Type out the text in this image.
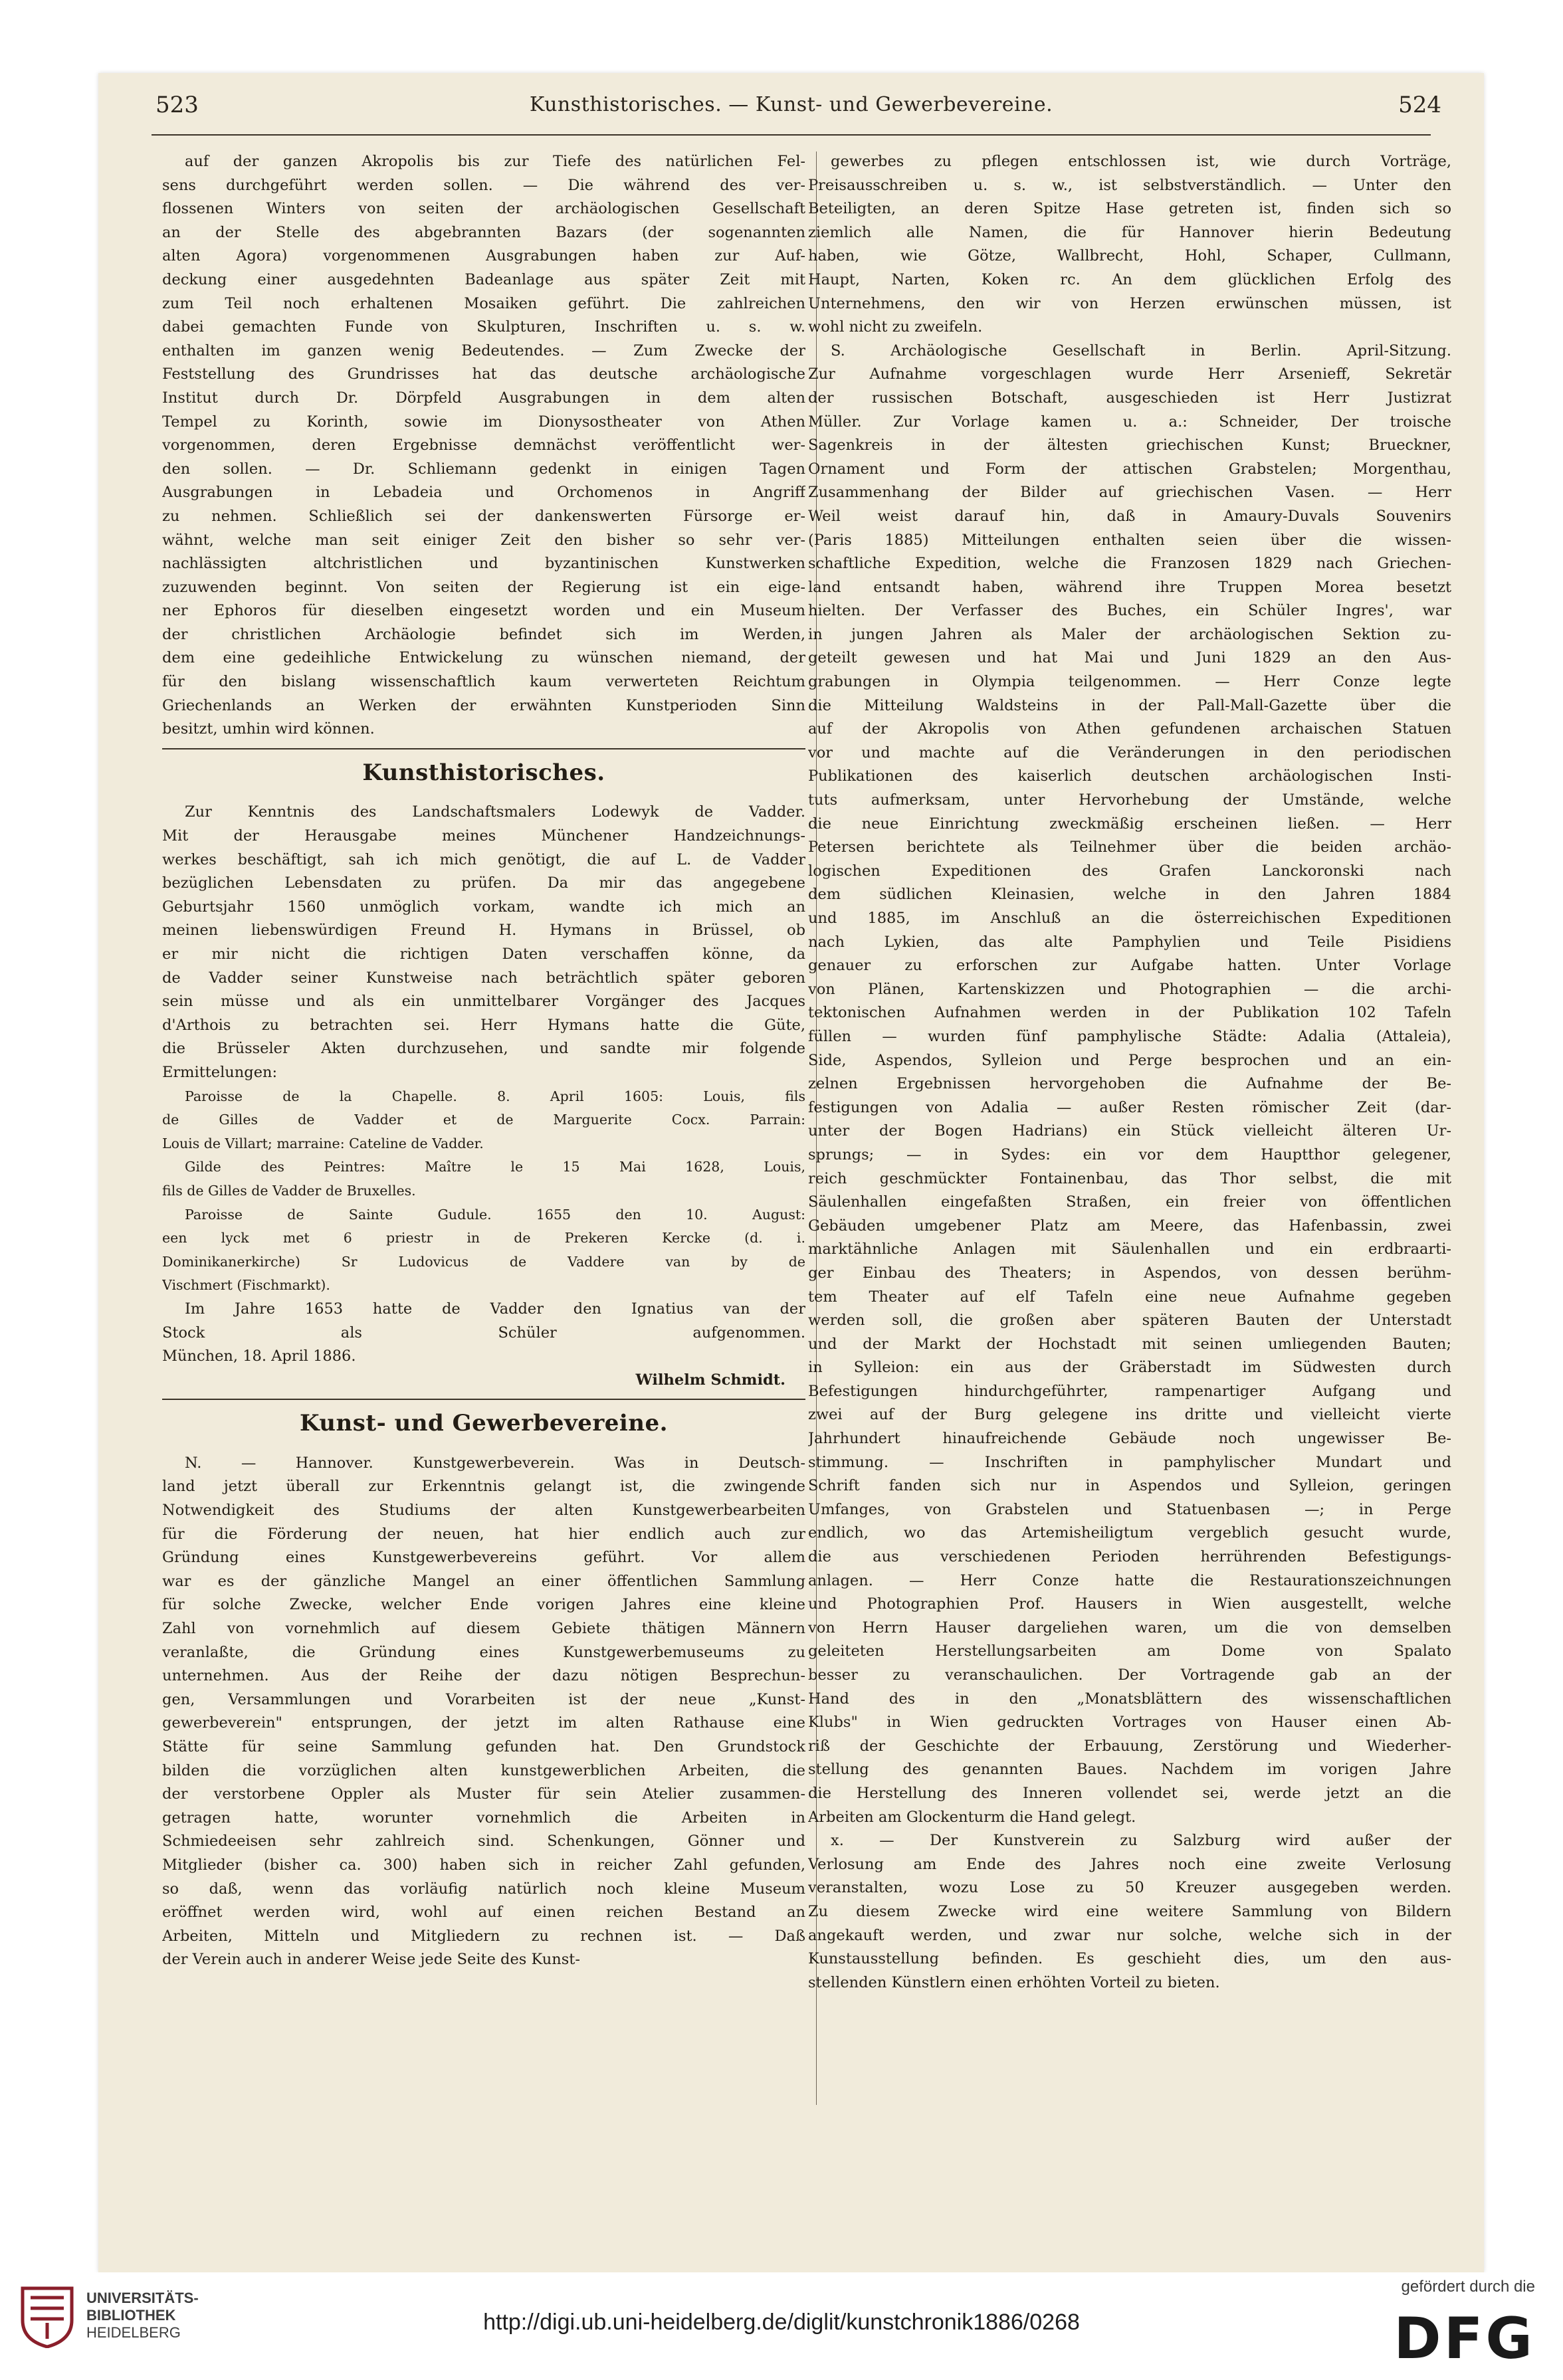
523	Kunsthistorisches. — Kunst- und Gewerbevereine.	524
auf der ganzen Akropolis bis zur Tiefe des natürlichen Fel-
sens durchgeführt werden sollen. — Die während des ver-
flossenen Winters von seiten der archäologischen Gesellschaft
an der Stelle des abgebrannten Bazars (der sogenannten
alten Agora) vorgenommenen Ausgrabungen haben zur Auf-
deckung einer ausgedehnten Badeanlage aus später Zeit mit
zum Teil noch erhaltenen Mosaiken geführt. Die zahlreichen
dabei gemachten Funde von Skulpturen, Inschriften u. s. w.
enthalten im ganzen wenig Bedeutendes. — Zum Zwecke der
Feststellung des Grundrisses hat das deutsche archäologische
Institut durch Dr. Dörpfeld Ausgrabungen in dem alten
Tempel zu Korinth, sowie im Dionysostheater von Athen
vorgenommen, deren Ergebnisse demnächst veröffentlicht wer-
den sollen. — Dr. Schliemann gedenkt in einigen Tagen
Ausgrabungen in Lebadeia und Orchomenos in Angriff
zu nehmen. Schließlich sei der dankenswerten Fürsorge er-
wähnt, welche man seit einiger Zeit den bisher so sehr ver-
nachlässigten altchristlichen und byzantinischen Kunstwerken
zuzuwenden beginnt. Von seiten der Regierung ist ein eige-
ner Ephoros für dieselben eingesetzt worden und ein Museum
der christlichen Archäologie befindet sich im Werden,
dem eine gedeihliche Entwickelung zu wünschen niemand, der
für den bislang wissenschaftlich kaum verwerteten Reichtum
Griechenlands an Werken der erwähnten Kunstperioden Sinn
besitzt, umhin wird können.
Kunsthistorisches.
Zur Kenntnis des Landschaftsmalers Lodewyk de Vadder.
Mit der Herausgabe meines Münchener Handzeichnungs-
werkes beschäftigt, sah ich mich genötigt, die auf L. de Vadder
bezüglichen Lebensdaten zu prüfen. Da mir das angegebene
Geburtsjahr 1560 unmöglich vorkam, wandte ich mich an
meinen liebenswürdigen Freund H. Hymans in Brüssel, ob
er mir nicht die richtigen Daten verschaffen könne, da
de Vadder seiner Kunstweise nach beträchtlich später geboren
sein müsse und als ein unmittelbarer Vorgänger des Jacques
d'Arthois zu betrachten sei. Herr Hymans hatte die Güte,
die Brüsseler Akten durchzusehen, und sandte mir folgende
Ermittelungen:
Paroisse de la Chapelle. 8. April 1605: Louis, fils
de Gilles de Vadder et de Marguerite Cocx. Parrain:
Louis de Villart; marraine: Cateline de Vadder.
Gilde des Peintres: Maître le 15 Mai 1628, Louis,
fils de Gilles de Vadder de Bruxelles.
Paroisse de Sainte Gudule. 1655 den 10. August:
een lyck met 6 priestr in de Prekeren Kercke (d. i.
Dominikanerkirche) Sr Ludovicus de Vaddere van by de
Vischmert (Fischmarkt).
Im Jahre 1653 hatte de Vadder den Ignatius van der
Stock als Schüler aufgenommen.
München, 18. April 1886.
Wilhelm Schmidt.
Kunst- und Gewerbevereine.
N. — Hannover. Kunstgewerbeverein. Was in Deutsch-
land jetzt überall zur Erkenntnis gelangt ist, die zwingende
Notwendigkeit des Studiums der alten Kunstgewerbearbeiten
für die Förderung der neuen, hat hier endlich auch zur
Gründung eines Kunstgewerbevereins geführt. Vor allem
war es der gänzliche Mangel an einer öffentlichen Sammlung
für solche Zwecke, welcher Ende vorigen Jahres eine kleine
Zahl von vornehmlich auf diesem Gebiete thätigen Männern
veranlaßte, die Gründung eines Kunstgewerbemuseums zu
unternehmen. Aus der Reihe der dazu nötigen Besprechun-
gen, Versammlungen und Vorarbeiten ist der neue „Kunst-
gewerbeverein" entsprungen, der jetzt im alten Rathause eine
Stätte für seine Sammlung gefunden hat. Den Grundstock
bilden die vorzüglichen alten kunstgewerblichen Arbeiten, die
der verstorbene Oppler als Muster für sein Atelier zusammen-
getragen hatte, worunter vornehmlich die Arbeiten in
Schmiedeeisen sehr zahlreich sind. Schenkungen, Gönner und
Mitglieder (bisher ca. 300) haben sich in reicher Zahl gefunden,
so daß, wenn das vorläufig natürlich noch kleine Museum
eröffnet werden wird, wohl auf einen reichen Bestand an
Arbeiten, Mitteln und Mitgliedern zu rechnen ist. — Daß
der Verein auch in anderer Weise jede Seite des Kunst-
gewerbes zu pflegen entschlossen ist, wie durch Vorträge,
Preisausschreiben u. s. w., ist selbstverständlich. — Unter den
Beteiligten, an deren Spitze Hase getreten ist, finden sich so
ziemlich alle Namen, die für Hannover hierin Bedeutung
haben, wie Götze, Wallbrecht, Hohl, Schaper, Cullmann,
Haupt, Narten, Koken rc. An dem glücklichen Erfolg des
Unternehmens, den wir von Herzen erwünschen müssen, ist
wohl nicht zu zweifeln.
S. Archäologische Gesellschaft in Berlin. April-Sitzung.
Zur Aufnahme vorgeschlagen wurde Herr Arsenieff, Sekretär
der russischen Botschaft, ausgeschieden ist Herr Justizrat
Müller. Zur Vorlage kamen u. a.: Schneider, Der troische
Sagenkreis in der ältesten griechischen Kunst; Brueckner,
Ornament und Form der attischen Grabstelen; Morgenthau,
Zusammenhang der Bilder auf griechischen Vasen. — Herr
Weil weist darauf hin, daß in Amaury-Duvals Souvenirs
(Paris 1885) Mitteilungen enthalten seien über die wissen-
schaftliche Expedition, welche die Franzosen 1829 nach Griechen-
land entsandt haben, während ihre Truppen Morea besetzt
hielten. Der Verfasser des Buches, ein Schüler Ingres', war
in jungen Jahren als Maler der archäologischen Sektion zu-
geteilt gewesen und hat Mai und Juni 1829 an den Aus-
grabungen in Olympia teilgenommen. — Herr Conze legte
die Mitteilung Waldsteins in der Pall-Mall-Gazette über die
auf der Akropolis von Athen gefundenen archaischen Statuen
vor und machte auf die Veränderungen in den periodischen
Publikationen des kaiserlich deutschen archäologischen Insti-
tuts aufmerksam, unter Hervorhebung der Umstände, welche
die neue Einrichtung zweckmäßig erscheinen ließen. — Herr
Petersen berichtete als Teilnehmer über die beiden archäo-
logischen Expeditionen des Grafen Lanckoronski nach
dem südlichen Kleinasien, welche in den Jahren 1884
und 1885, im Anschluß an die österreichischen Expeditionen
nach Lykien, das alte Pamphylien und Teile Pisidiens
genauer zu erforschen zur Aufgabe hatten. Unter Vorlage
von Plänen, Kartenskizzen und Photographien — die archi-
tektonischen Aufnahmen werden in der Publikation 102 Tafeln
füllen — wurden fünf pamphylische Städte: Adalia (Attaleia),
Side, Aspendos, Sylleion und Perge besprochen und an ein-
zelnen Ergebnissen hervorgehoben die Aufnahme der Be-
festigungen von Adalia — außer Resten römischer Zeit (dar-
unter der Bogen Hadrians) ein Stück vielleicht älteren Ur-
sprungs; — in Sydes: ein vor dem Hauptthor gelegener,
reich geschmückter Fontainenbau, das Thor selbst, die mit
Säulenhallen eingefaßten Straßen, ein freier von öffentlichen
Gebäuden umgebener Platz am Meere, das Hafenbassin, zwei
marktähnliche Anlagen mit Säulenhallen und ein erdbraarti-
ger Einbau des Theaters; in Aspendos, von dessen berühm-
tem Theater auf elf Tafeln eine neue Aufnahme gegeben
werden soll, die großen aber späteren Bauten der Unterstadt
und der Markt der Hochstadt mit seinen umliegenden Bauten;
in Sylleion: ein aus der Gräberstadt im Südwesten durch
Befestigungen hindurchgeführter, rampenartiger Aufgang und
zwei auf der Burg gelegene ins dritte und vielleicht vierte
Jahrhundert hinaufreichende Gebäude noch ungewisser Be-
stimmung. — Inschriften in pamphylischer Mundart und
Schrift fanden sich nur in Aspendos und Sylleion, geringen
Umfanges, von Grabstelen und Statuenbasen —; in Perge
endlich, wo das Artemisheiligtum vergeblich gesucht wurde,
die aus verschiedenen Perioden herrührenden Befestigungs-
anlagen. — Herr Conze hatte die Restaurationszeichnungen
und Photographien Prof. Hausers in Wien ausgestellt, welche
von Herrn Hauser dargeliehen waren, um die von demselben
geleiteten Herstellungsarbeiten am Dome von Spalato
besser zu veranschaulichen. Der Vortragende gab an der
Hand des in den „Monatsblättern des wissenschaftlichen
Klubs" in Wien gedruckten Vortrages von Hauser einen Ab-
riß der Geschichte der Erbauung, Zerstörung und Wiederher-
stellung des genannten Baues. Nachdem im vorigen Jahre
die Herstellung des Inneren vollendet sei, werde jetzt an die
Arbeiten am Glockenturm die Hand gelegt.
x. — Der Kunstverein zu Salzburg wird außer der
Verlosung am Ende des Jahres noch eine zweite Verlosung
veranstalten, wozu Lose zu 50 Kreuzer ausgegeben werden.
Zu diesem Zwecke wird eine weitere Sammlung von Bildern
angekauft werden, und zwar nur solche, welche sich in der
Kunstausstellung befinden. Es geschieht dies, um den aus-
stellenden Künstlern einen erhöhten Vorteil zu bieten.
UNIVERSITÄTS-
BIBLIOTHEK
HEIDELBERG	http://digi.ub.uni-heidelberg.de/diglit/kunstchronik1886/0268
gefördert durch die
DFG
